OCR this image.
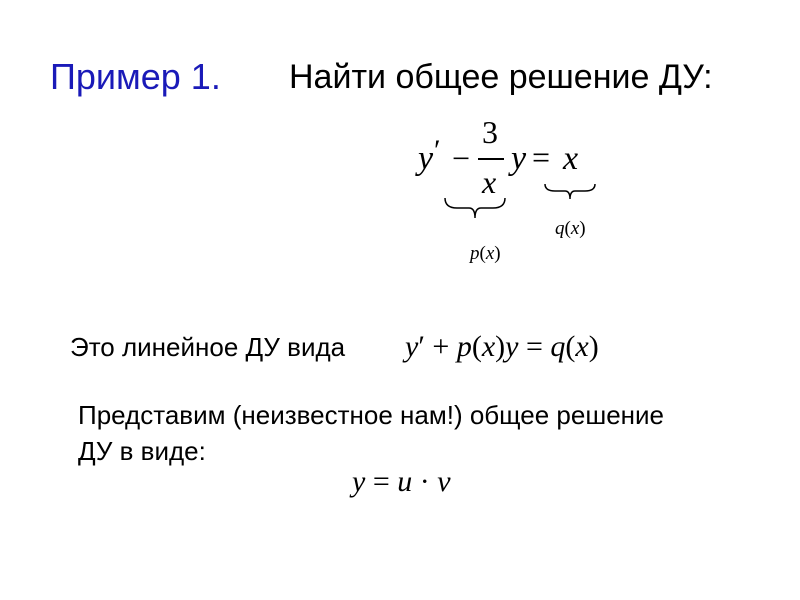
Пример 1. Найти общее решение ДУ:
y ′ −
3
x
y = x
p(x)
q(x)
Это линейное ДУ вида y′ + p(x)y = q(x)
Представим (неизвестное нам!) общее решение
ДУ в виде:
y = u · v
